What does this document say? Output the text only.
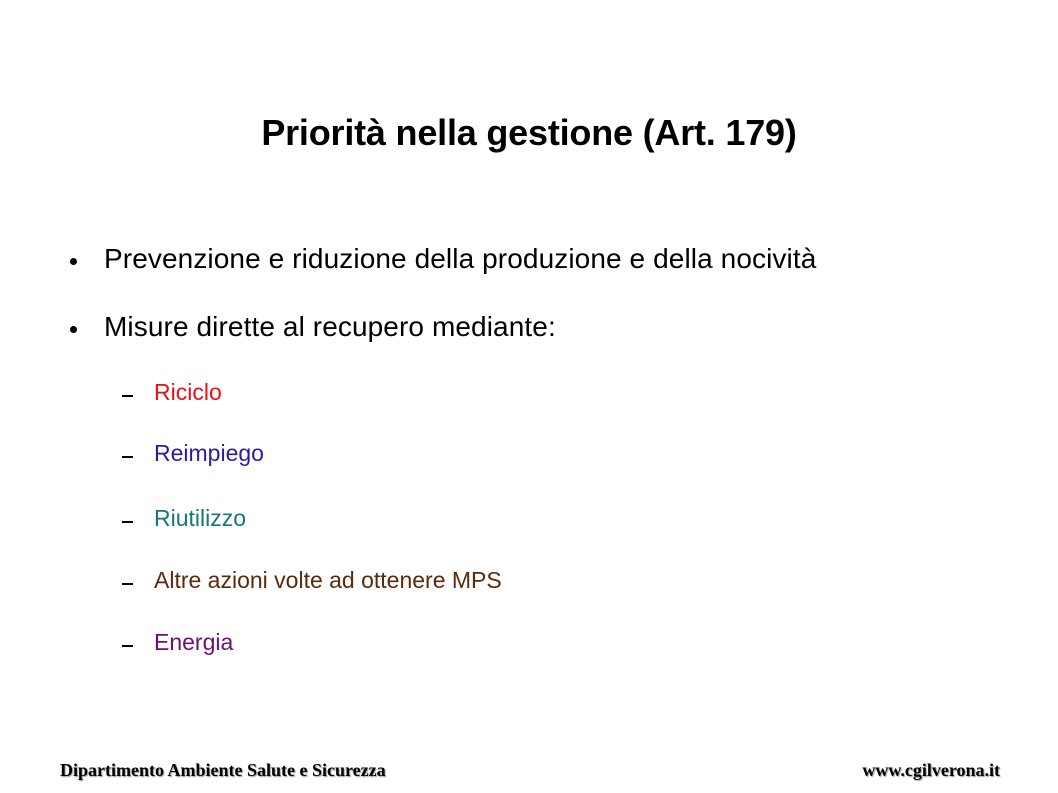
Priorità nella gestione (Art. 179)
Prevenzione e riduzione della produzione e della nocività
Misure dirette al recupero mediante:
Riciclo
Reimpiego
Riutilizzo
Altre azioni volte ad ottenere MPS
Energia
Dipartimento Ambiente Salute e Sicurezza	www.cgilverona.it
